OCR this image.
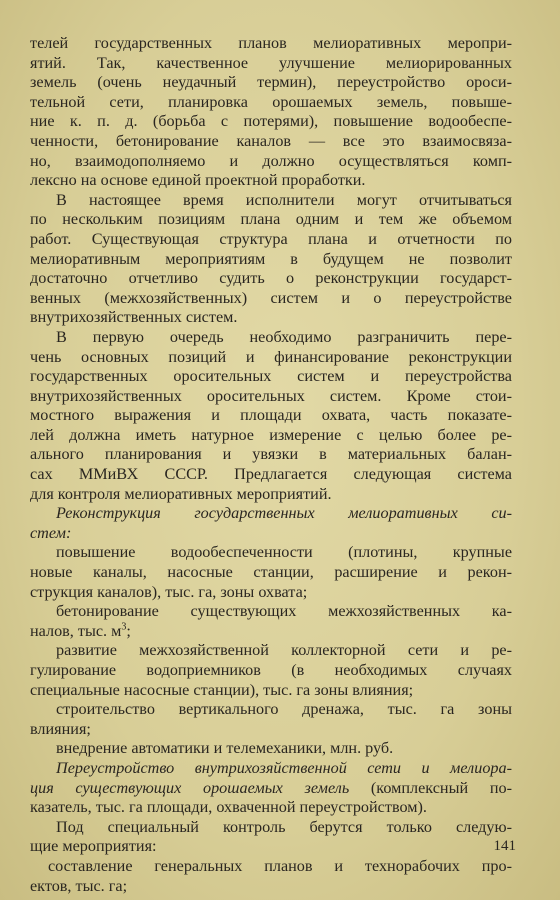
телей государственных планов мелиоративных меропри-
ятий. Так, качественное улучшение мелиорированных
земель (очень неудачный термин), переустройство ороси-
тельной сети, планировка орошаемых земель, повыше-
ние к. п. д. (борьба с потерями), повышение водообеспе-
ченности, бетонирование каналов — все это взаимосвяза-
но, взаимодополняемо и должно осуществляться комп-
лексно на основе единой проектной проработки.
В настоящее время исполнители могут отчитываться
по нескольким позициям плана одним и тем же объемом
работ. Существующая структура плана и отчетности по
мелиоративным мероприятиям в будущем не позволит
достаточно отчетливо судить о реконструкции государст-
венных (межхозяйственных) систем и о переустройстве
внутрихозяйственных систем.
В первую очередь необходимо разграничить пере-
чень основных позиций и финансирование реконструкции
государственных оросительных систем и переустройства
внутрихозяйственных оросительных систем. Кроме стои-
мостного выражения и площади охвата, часть показате-
лей должна иметь натурное измерение с целью более ре-
ального планирования и увязки в материальных балан-
сах ММиВХ СССР. Предлагается следующая система
для контроля мелиоративных мероприятий.
Реконструкция государственных мелиоративных си-
стем:
повышение водообеспеченности (плотины, крупные
новые каналы, насосные станции, расширение и рекон-
струкция каналов), тыс. га, зоны охвата;
бетонирование существующих межхозяйственных ка-
налов, тыс. $м^3$;
развитие межхозяйственной коллекторной сети и ре-
гулирование водоприемников (в необходимых случаях
специальные насосные станции), тыс. га зоны влияния;
строительство вертикального дренажа, тыс. га зоны
влияния;
внедрение автоматики и телемеханики, млн. руб.
Переустройство внутрихозяйственной сети и мелиора-
ция существующих орошаемых земель (комплексный по-
казатель, тыс. га площади, охваченной переустройством).
Под специальный контроль берутся только следую-
щие мероприятия:
составление генеральных планов и технорабочих про-
ектов, тыс. га;
141
